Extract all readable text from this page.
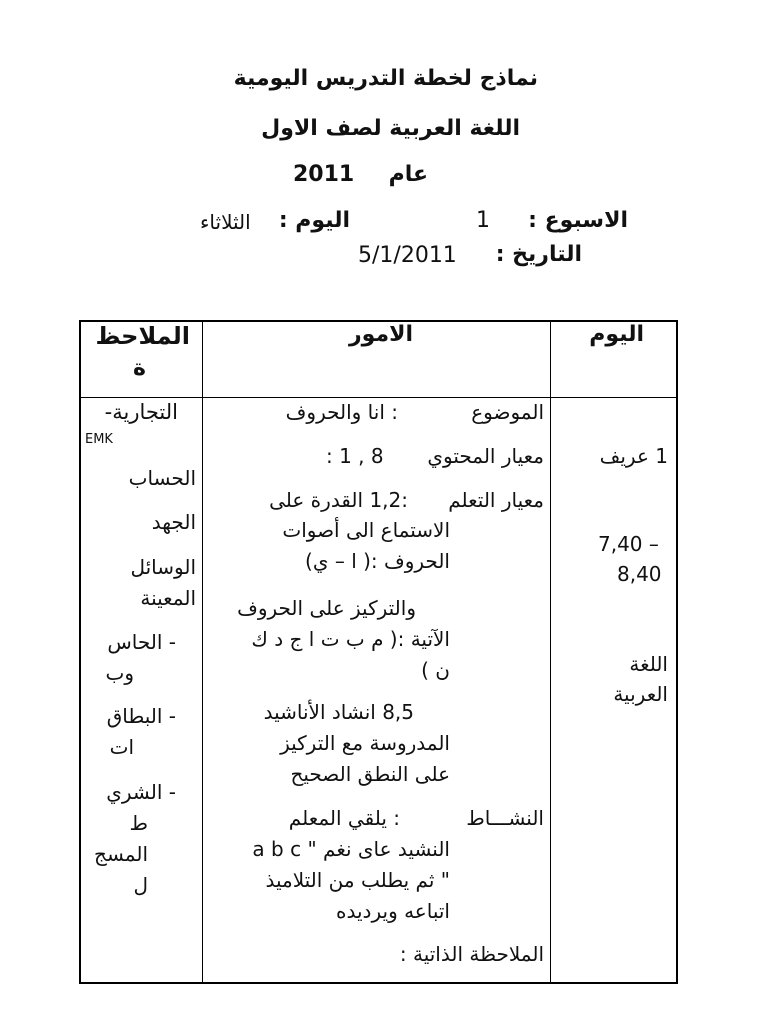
نماذج لخطة التدريس اليومية
اللغة العربية لصف الاول
عام
2011
الاسبوع :
1
اليوم :
الثلاثاء
التاريخ :
5/1/2011
اليوم
الامور
الملاحظ
ة
1 عريف
7,40 –
8,40
اللغة
العربية
الموضوع
: انا والحروف
معيار المحتوي
: 1 , 8
معيار التعلم
:1,2 القدرة على
الاستماع الى أصوات
الحروف :( ا – ي)
والتركيز على الحروف
الآتية :( م ب ت ا ج د ك
ن )
8,5 انشاد الأناشيد
المدروسة مع التركيز
على النطق الصحيح
النشـــاط
: يلقي المعلم
النشيد عاى نغم " a b c
" ثم يطلب من التلاميذ
اتباعه ويرديده
الملاحظة الذاتية :
التجارية-
EMK
الحساب
الجهد
الوسائل
المعينة
- الحاس
وب
- البطاق
ات
- الشري
ط
المسج
ل
